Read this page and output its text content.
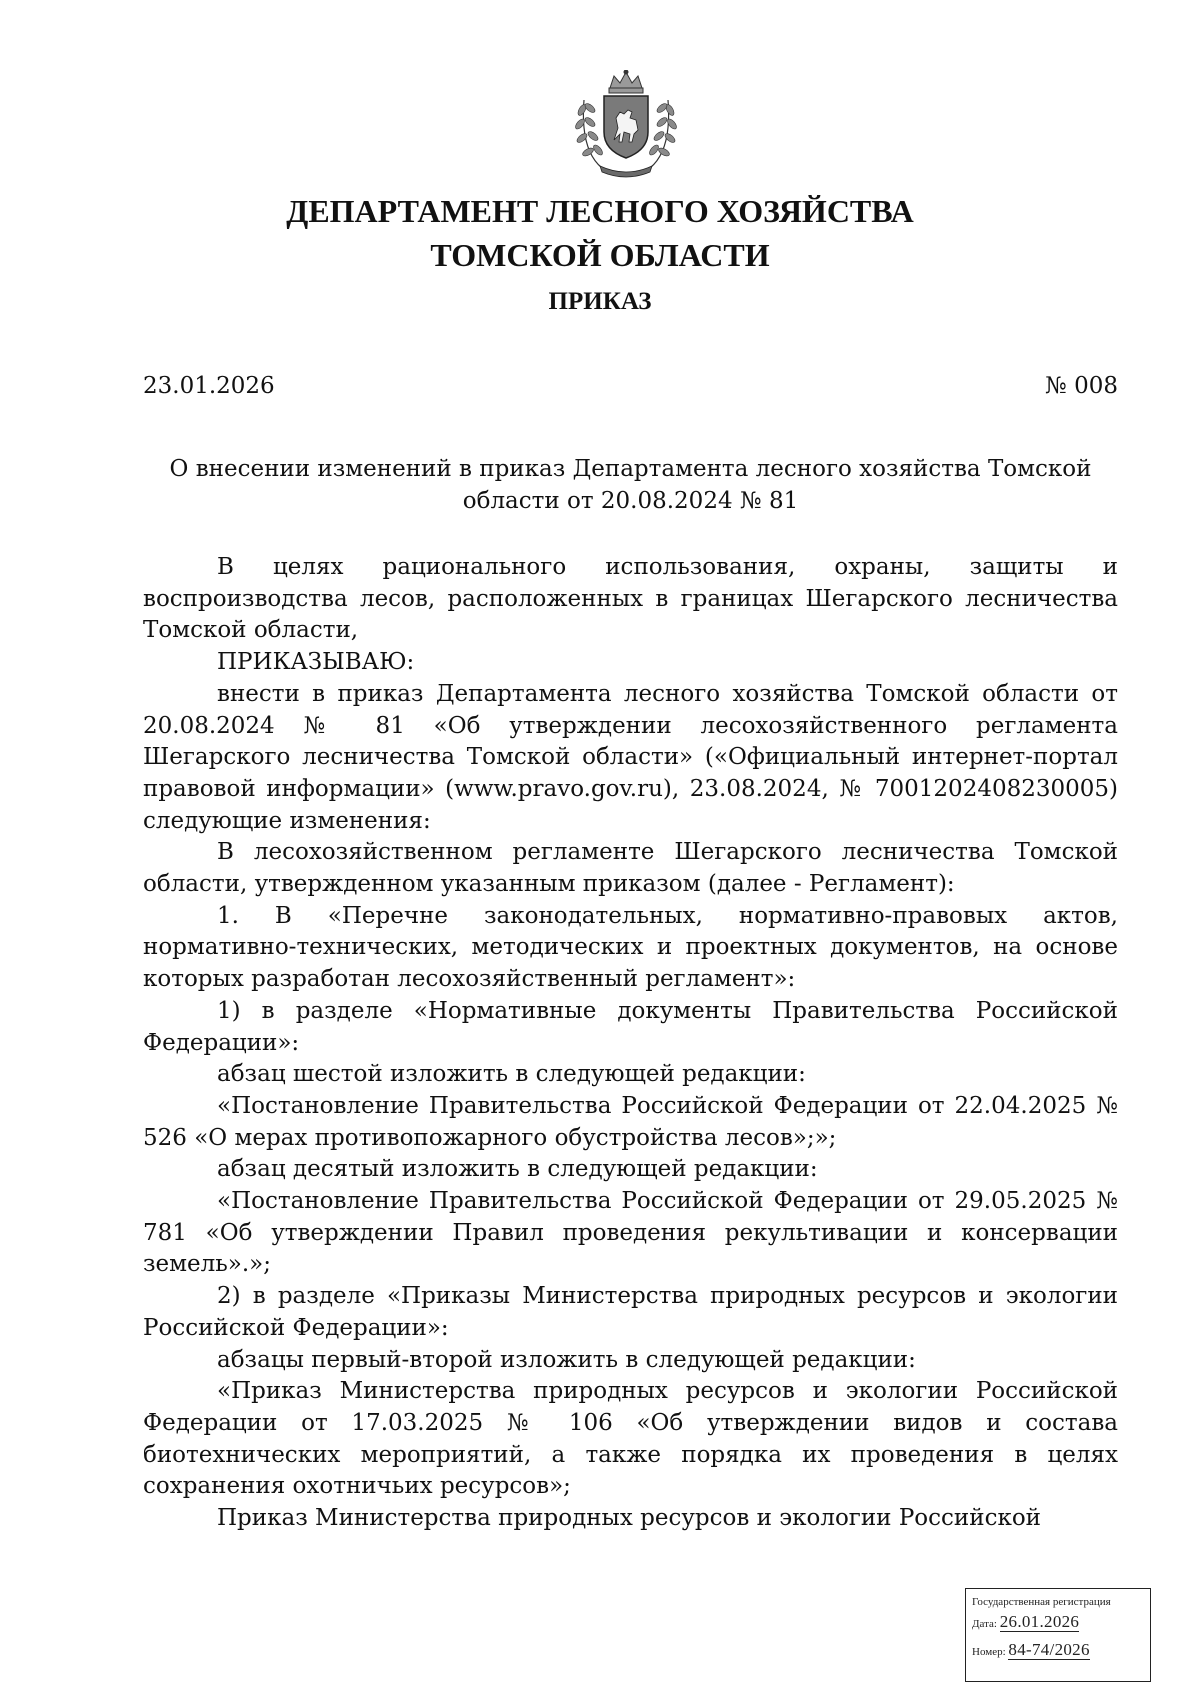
ДЕПАРТАМЕНТ ЛЕСНОГО ХОЗЯЙСТВА
ТОМСКОЙ ОБЛАСТИ
ПРИКАЗ
23.01.2026	№ 008
О внесении изменений в приказ Департамента лесного хозяйства Томской области от 20.08.2024 № 81

В целях рационального использования, охраны, защиты и воспроизводства лесов, расположенных в границах Шегарского лесничества Томской области,

ПРИКАЗЫВАЮ:

внести в приказ Департамента лесного хозяйства Томской области от 20.08.2024 № 81 «Об утверждении лесохозяйственного регламента Шегарского лесничества Томской области» («Официальный интернет-портал правовой информации» (www.pravo.gov.ru), 23.08.2024, № 7001202408230005) следующие изменения:

В лесохозяйственном регламенте Шегарского лесничества Томской области, утвержденном указанным приказом (далее - Регламент):

1. В «Перечне законодательных, нормативно-правовых актов, нормативно-технических, методических и проектных документов, на основе которых разработан лесохозяйственный регламент»:

1) в разделе «Нормативные документы Правительства Российской Федерации»:

абзац шестой изложить в следующей редакции:

«Постановление Правительства Российской Федерации от 22.04.2025 № 526 «О мерах противопожарного обустройства лесов»;»;

абзац десятый изложить в следующей редакции:

«Постановление Правительства Российской Федерации от 29.05.2025 № 781 «Об утверждении Правил проведения рекультивации и консервации земель».»;

2) в разделе «Приказы Министерства природных ресурсов и экологии Российской Федерации»:

абзацы первый-второй изложить в следующей редакции:

«Приказ Министерства природных ресурсов и экологии Российской Федерации от 17.03.2025 № 106 «Об утверждении видов и состава биотехнических мероприятий, а также порядка их проведения в целях сохранения охотничьих ресурсов»;

Приказ Министерства природных ресурсов и экологии Российской

Государственная регистрация
Дата: 26.01.2026
Номер: 84-74/2026
